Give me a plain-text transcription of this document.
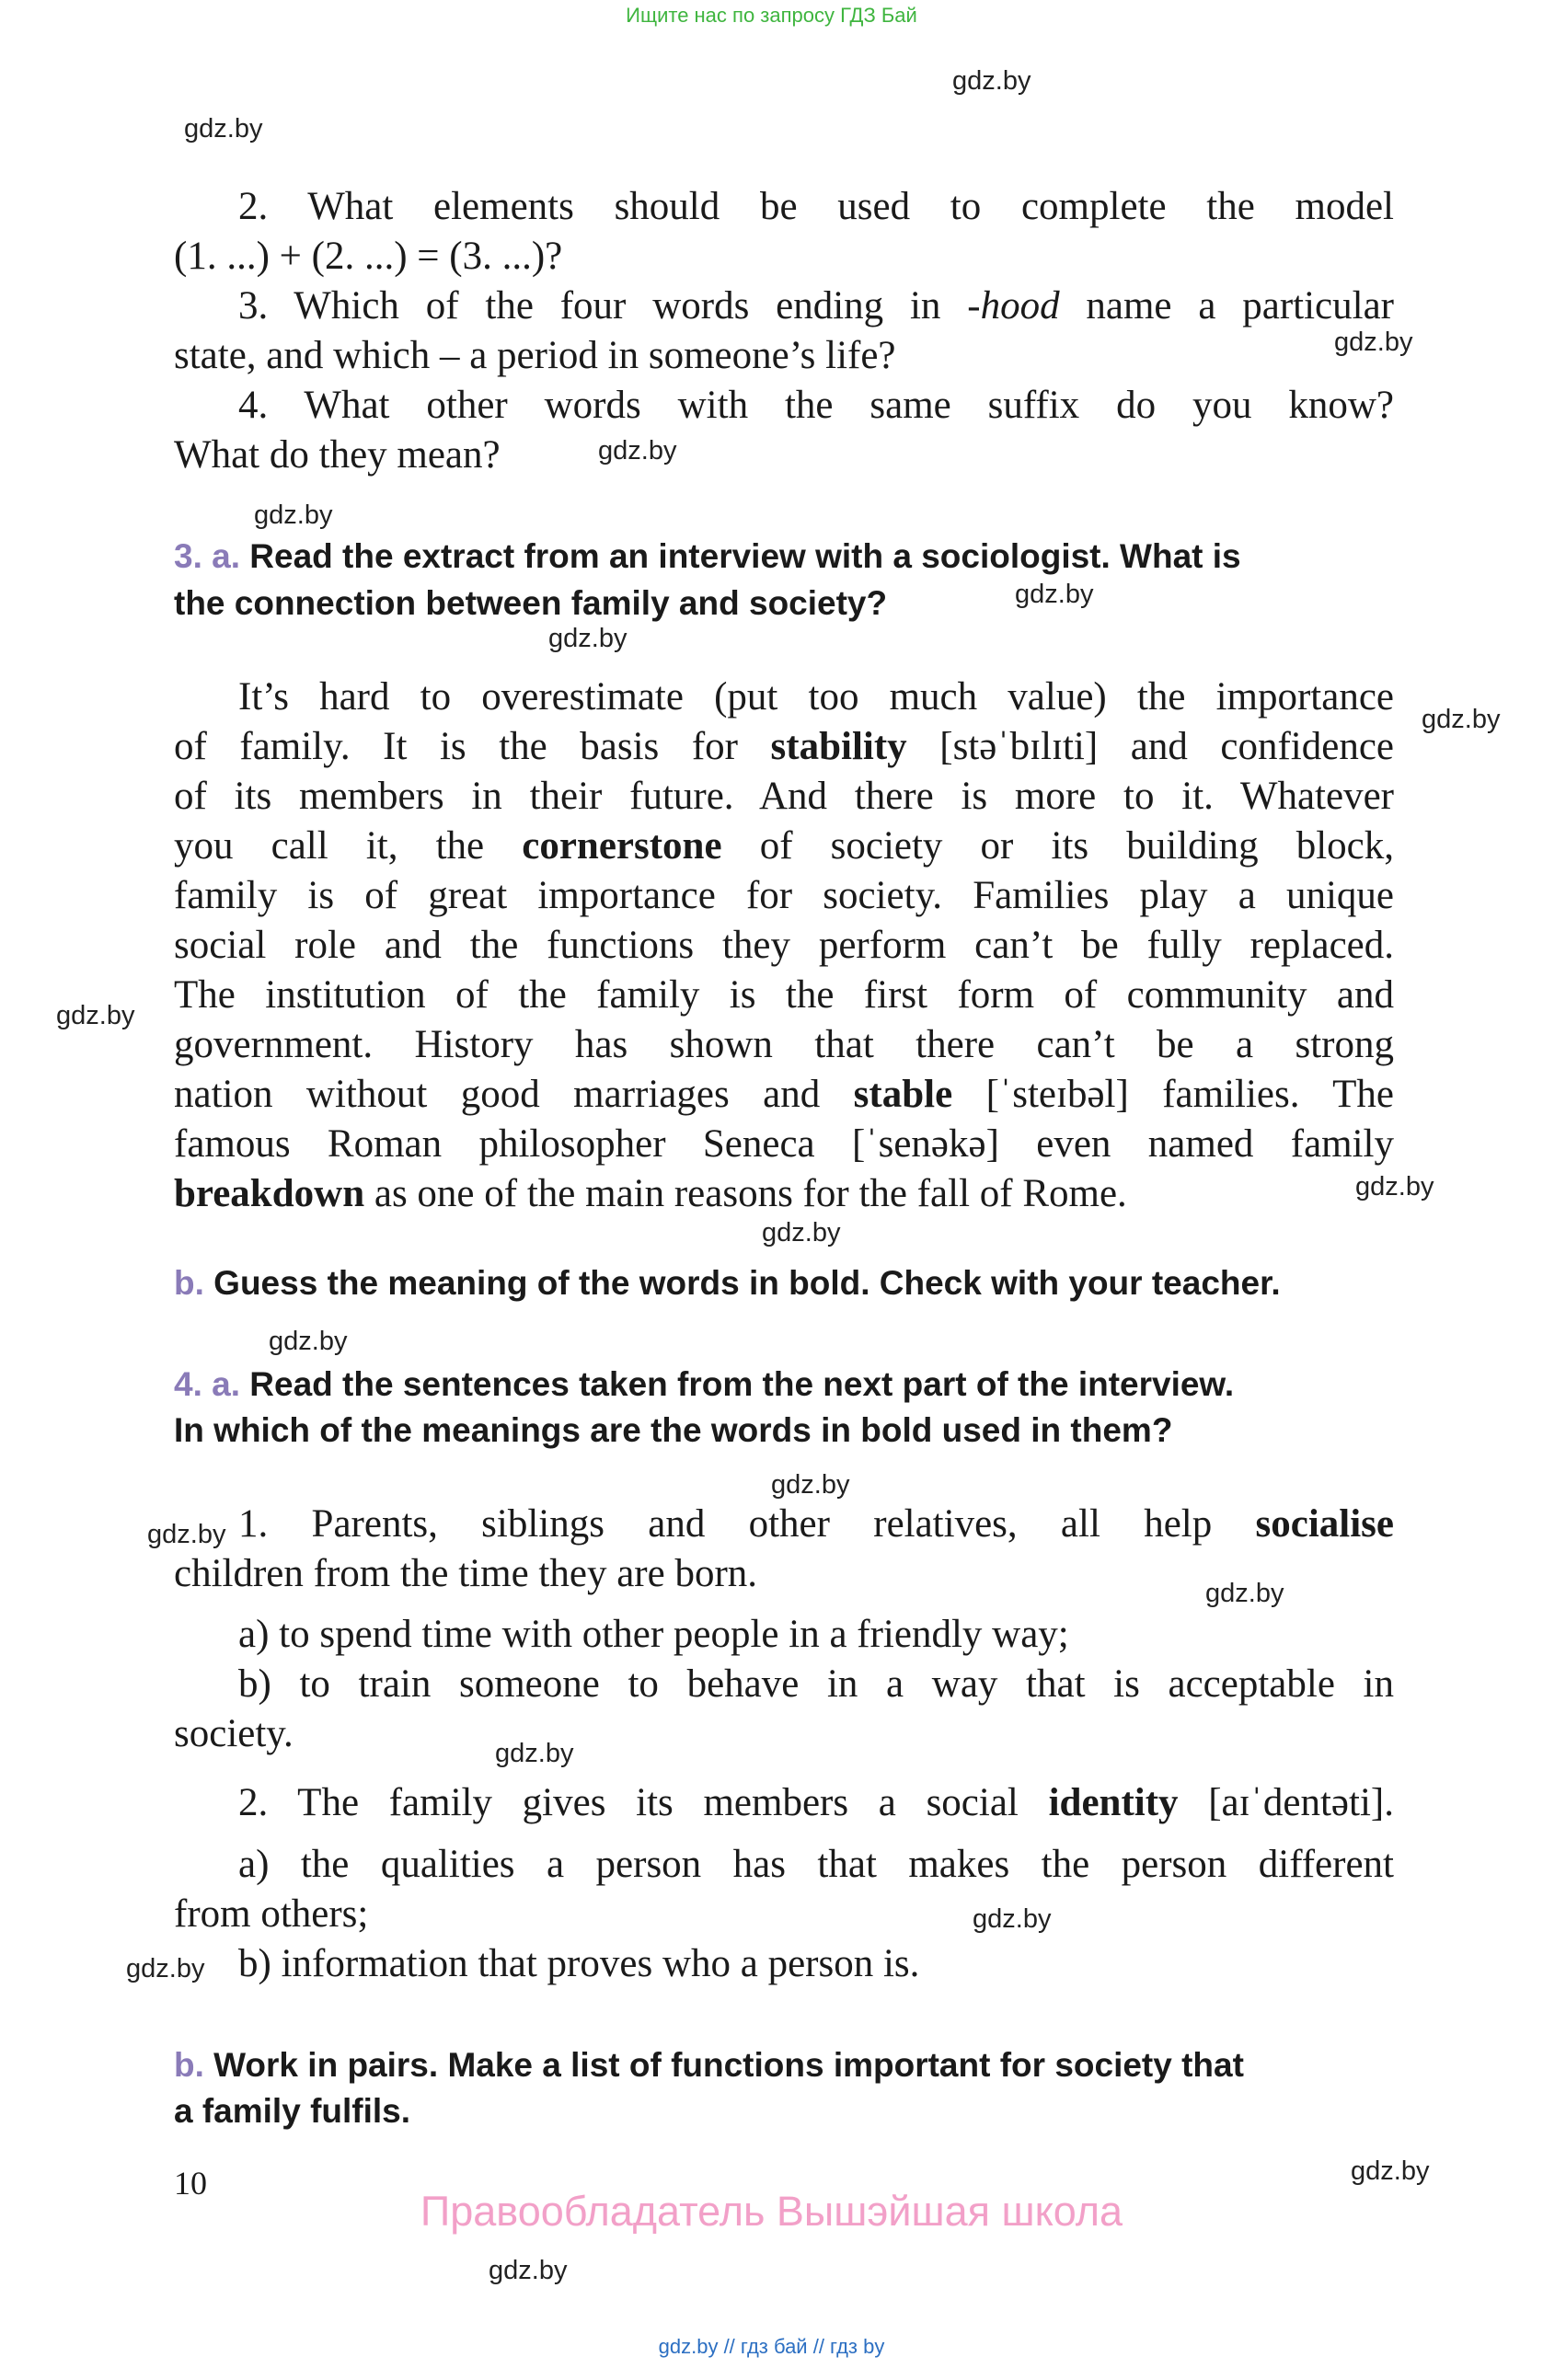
Ищите нас по запросу ГДЗ Бай
gdz.by
gdz.by
gdz.by
gdz.by
gdz.by
gdz.by
gdz.by
gdz.by
gdz.by
gdz.by
gdz.by
gdz.by
gdz.by
gdz.by
gdz.by
gdz.by
gdz.by
gdz.by
gdz.by
gdz.by
2. What elements should be used to complete the model
(1. ...) + (2. ...) = (3. ...)?
3. Which of the four words ending in -hood name a particular
state, and which – a period in someone’s life?
4. What other words with the same suffix do you know?
What do they mean?
3. a. Read the extract from an interview with a sociologist. What is
the connection between family and society?
It’s hard to overestimate (put too much value) the importance
of family. It is the basis for stability [stəˈbɪlɪti] and confidence
of its members in their future. And there is more to it. Whatever
you call it, the cornerstone of society or its building block,
family is of great importance for society. Families play a unique
social role and the functions they perform can’t be fully replaced.
The institution of the family is the first form of community and
government. History has shown that there can’t be a strong
nation without good marriages and stable [ˈsteɪbəl] families. The
famous Roman philosopher Seneca [ˈsenəkə] even named family
breakdown as one of the main reasons for the fall of Rome.
b. Guess the meaning of the words in bold. Check with your teacher.
4. a. Read the sentences taken from the next part of the interview.
In which of the meanings are the words in bold used in them?
1. Parents, siblings and other relatives, all help socialise
children from the time they are born.
a) to spend time with other people in a friendly way;
b) to train someone to behave in a way that is acceptable in
society.
2. The family gives its members a social identity [aɪˈdentəti].
a) the qualities a person has that makes the person different
from others;
b) information that proves who a person is.
b. Work in pairs. Make a list of functions important for society that
a family fulfils.
10
Правообладатель Вышэйшая школа
gdz.by // гдз бай // гдз by
